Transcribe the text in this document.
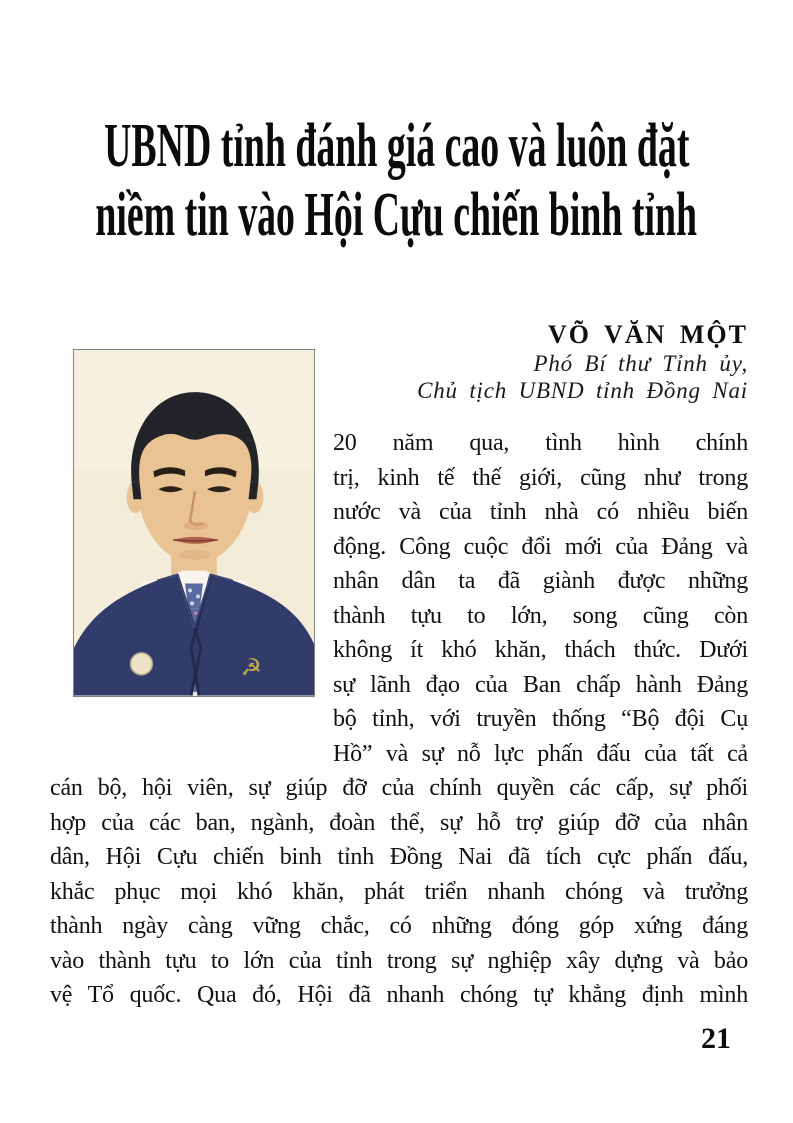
UBND tỉnh đánh giá cao và luôn đặt
niềm tin vào Hội Cựu chiến binh tỉnh
☭
VÕ VĂN MỘT
Phó Bí thư Tỉnh ủy,
Chủ tịch UBND tỉnh Đồng Nai
20 năm qua, tình hình chính
trị, kinh tế thế giới, cũng như trong
nước và của tỉnh nhà có nhiều biến
động. Công cuộc đổi mới của Đảng và
nhân dân ta đã giành được những
thành tựu to lớn, song cũng còn
không ít khó khăn, thách thức. Dưới
sự lãnh đạo của Ban chấp hành Đảng
bộ tỉnh, với truyền thống “Bộ đội Cụ
Hồ” và sự nỗ lực phấn đấu của tất cả
cán bộ, hội viên, sự giúp đỡ của chính quyền các cấp, sự phối
hợp của các ban, ngành, đoàn thể, sự hỗ trợ giúp đỡ của nhân
dân, Hội Cựu chiến binh tỉnh Đồng Nai đã tích cực phấn đấu,
khắc phục mọi khó khăn, phát triển nhanh chóng và trưởng
thành ngày càng vững chắc, có những đóng góp xứng đáng
vào thành tựu to lớn của tỉnh trong sự nghiệp xây dựng và bảo
vệ Tổ quốc. Qua đó, Hội đã nhanh chóng tự khẳng định mình
21
